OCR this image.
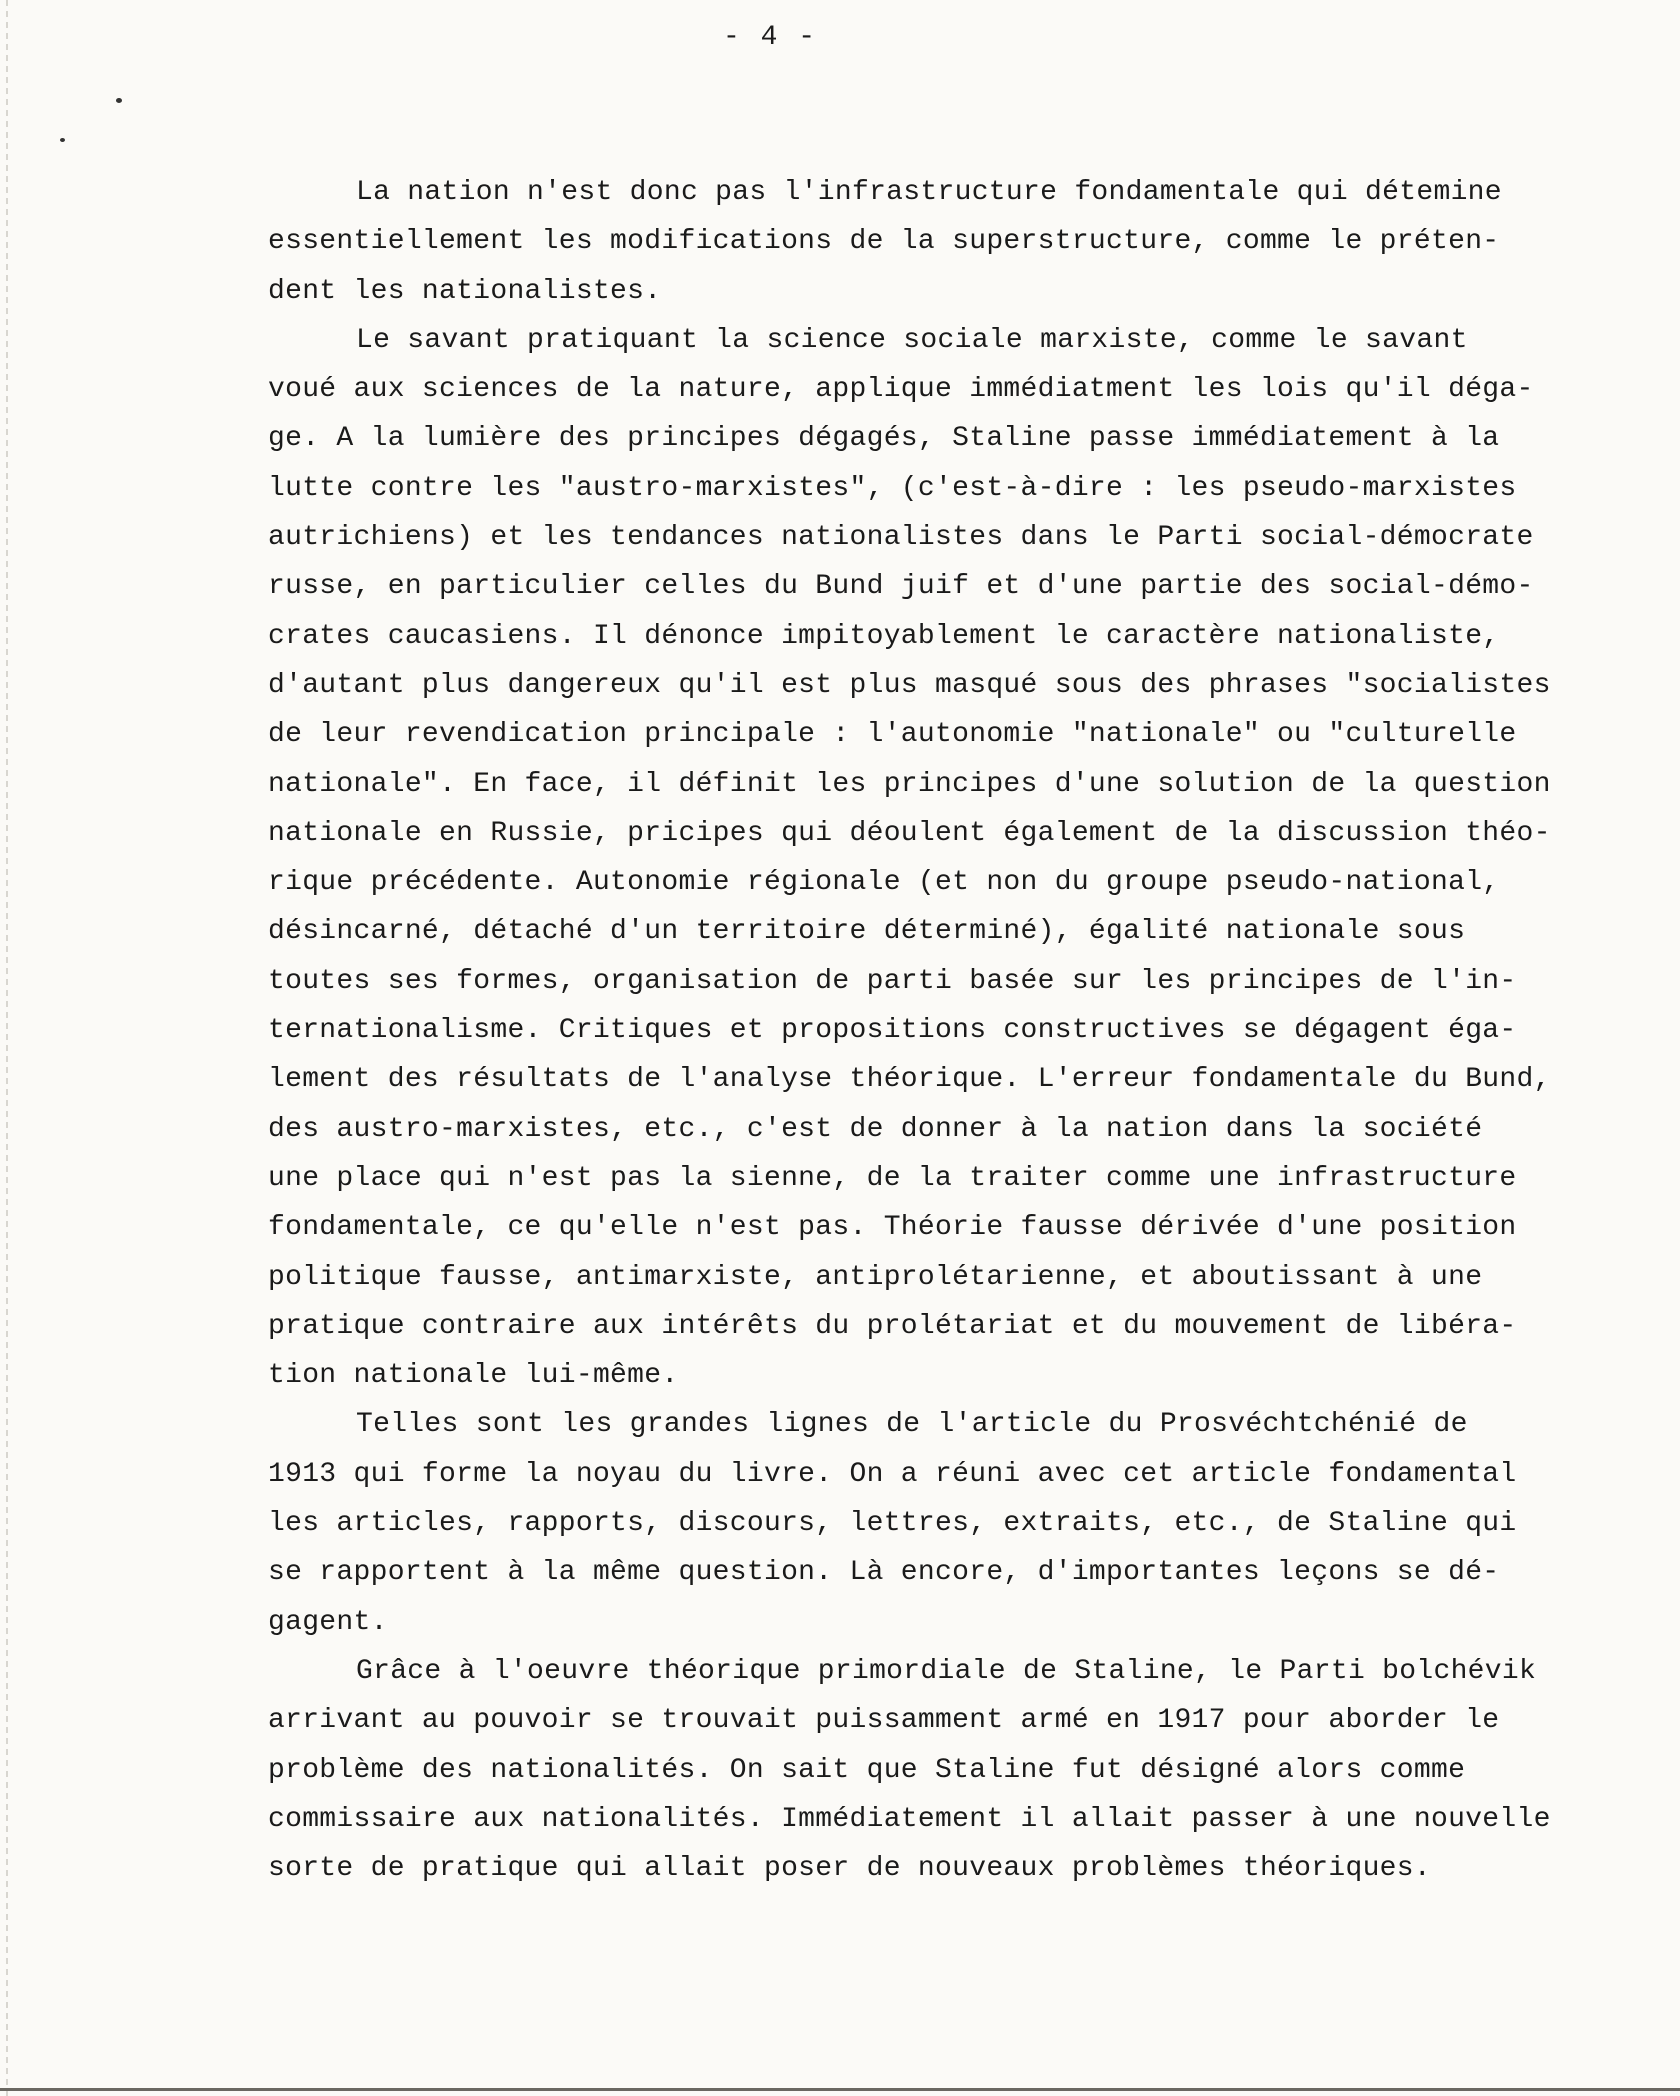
- 4 -
La nation n'est donc pas l'infrastructure fondamentale qui détemine
essentiellement les modifications de la superstructure, comme le préten-
dent les nationalistes.
Le savant pratiquant la science sociale marxiste, comme le savant
voué aux sciences de la nature, applique immédiatment les lois qu'il déga-
ge. A la lumière des principes dégagés, Staline passe immédiatement à la
lutte contre les "austro-marxistes", (c'est-à-dire : les pseudo-marxistes
autrichiens) et les tendances nationalistes dans le Parti social-démocrate
russe, en particulier celles du Bund juif et d'une partie des social-démo-
crates caucasiens. Il dénonce impitoyablement le caractère nationaliste,
d'autant plus dangereux qu'il est plus masqué sous des phrases "socialistes
de leur revendication principale : l'autonomie "nationale" ou "culturelle
nationale". En face, il définit les principes d'une solution de la question
nationale en Russie, pricipes qui déoulent également de la discussion théo-
rique précédente. Autonomie régionale (et non du groupe pseudo-national,
désincarné, détaché d'un territoire déterminé), égalité nationale sous
toutes ses formes, organisation de parti basée sur les principes de l'in-
ternationalisme. Critiques et propositions constructives se dégagent éga-
lement des résultats de l'analyse théorique. L'erreur fondamentale du Bund,
des austro-marxistes, etc., c'est de donner à la nation dans la société
une place qui n'est pas la sienne, de la traiter comme une infrastructure
fondamentale, ce qu'elle n'est pas. Théorie fausse dérivée d'une position
politique fausse, antimarxiste, antiprolétarienne, et aboutissant à une
pratique contraire aux intérêts du prolétariat et du mouvement de libéra-
tion nationale lui-même.
Telles sont les grandes lignes de l'article du Prosvéchtchénié de
1913 qui forme la noyau du livre. On a réuni avec cet article fondamental
les articles, rapports, discours, lettres, extraits, etc., de Staline qui
se rapportent à la même question. Là encore, d'importantes leçons se dé-
gagent.
Grâce à l'oeuvre théorique primordiale de Staline, le Parti bolchévik
arrivant au pouvoir se trouvait puissamment armé en 1917 pour aborder le
problème des nationalités. On sait que Staline fut désigné alors comme
commissaire aux nationalités. Immédiatement il allait passer à une nouvelle
sorte de pratique qui allait poser de nouveaux problèmes théoriques.
